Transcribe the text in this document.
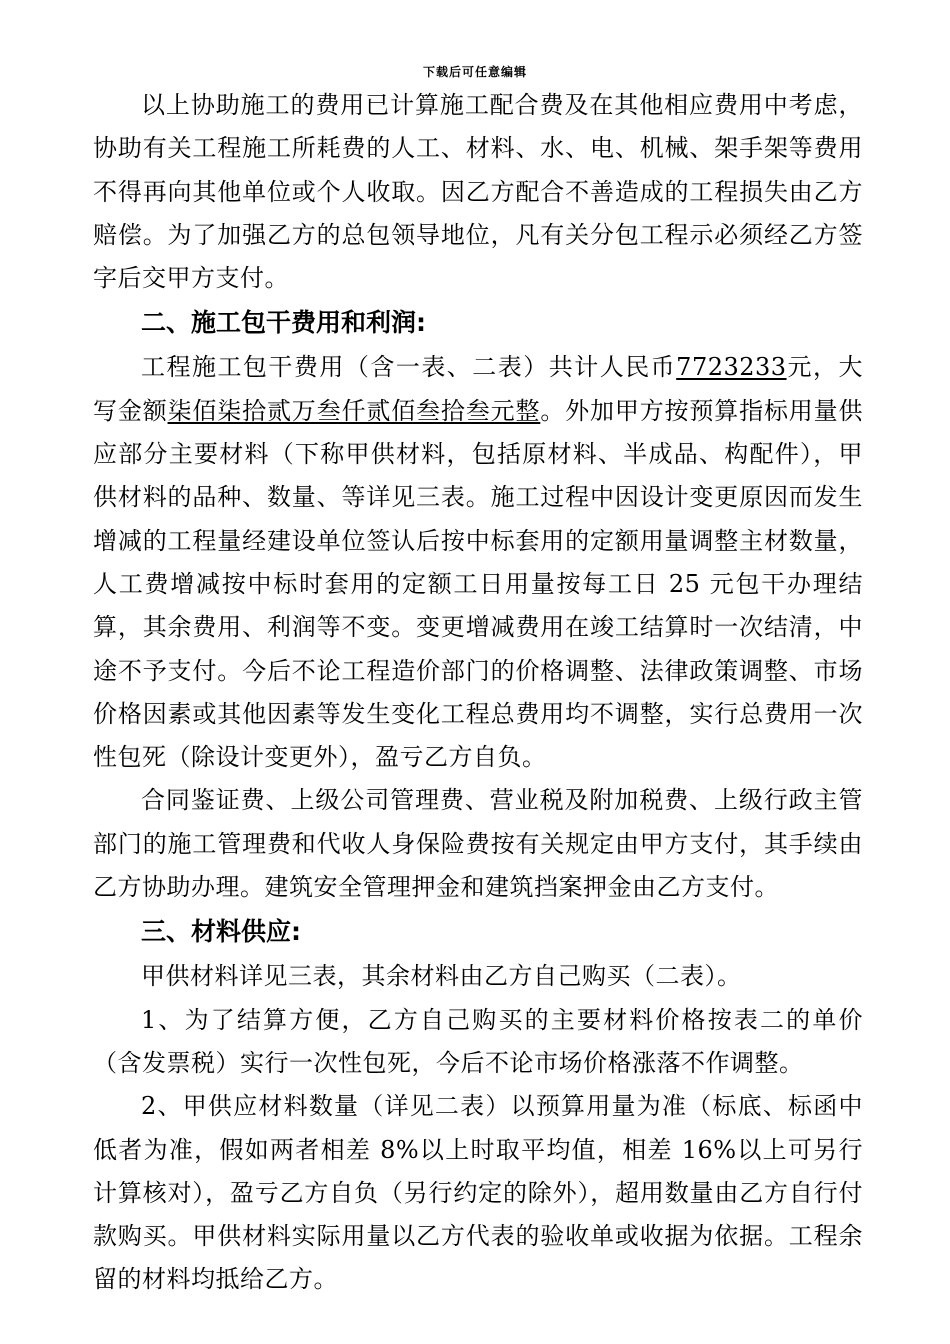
下载后可任意编辑

以上协助施工的费用已计算施工配合费及在其他相应费用中考虑，协助有关工程施工所耗费的人工、材料、水、电、机械、架手架等费用不得再向其他单位或个人收取。因乙方配合不善造成的工程损失由乙方赔偿。为了加强乙方的总包领导地位，凡有关分包工程示必须经乙方签字后交甲方支付。

二、施工包干费用和利润:

工程施工包干费用（含一表、二表）共计人民币7723233元，大写金额柒佰柒拾贰万叁仟贰佰叁拾叁元整。外加甲方按预算指标用量供应部分主要材料（下称甲供材料，包括原材料、半成品、构配件），甲供材料的品种、数量、等详见三表。施工过程中因设计变更原因而发生增减的工程量经建设单位签认后按中标套用的定额用量调整主材数量，人工费增减按中标时套用的定额工日用量按每工日 25 元包干办理结算，其余费用、利润等不变。变更增减费用在竣工结算时一次结清，中途不予支付。今后不论工程造价部门的价格调整、法律政策调整、市场价格因素或其他因素等发生变化工程总费用均不调整，实行总费用一次性包死（除设计变更外），盈亏乙方自负。

合同鉴证费、上级公司管理费、营业税及附加税费、上级行政主管部门的施工管理费和代收人身保险费按有关规定由甲方支付，其手续由乙方协助办理。建筑安全管理押金和建筑挡案押金由乙方支付。

三、材料供应:

甲供材料详见三表，其余材料由乙方自己购买（二表）。

1、为了结算方便，乙方自己购买的主要材料价格按表二的单价（含发票税）实行一次性包死，今后不论市场价格涨落不作调整。

2、甲供应材料数量（详见二表）以预算用量为准（标底、标函中低者为准，假如两者相差 8%以上时取平均值，相差 16%以上可另行计算核对），盈亏乙方自负（另行约定的除外），超用数量由乙方自行付款购买。甲供材料实际用量以乙方代表的验收单或收据为依据。工程余留的材料均抵给乙方。
